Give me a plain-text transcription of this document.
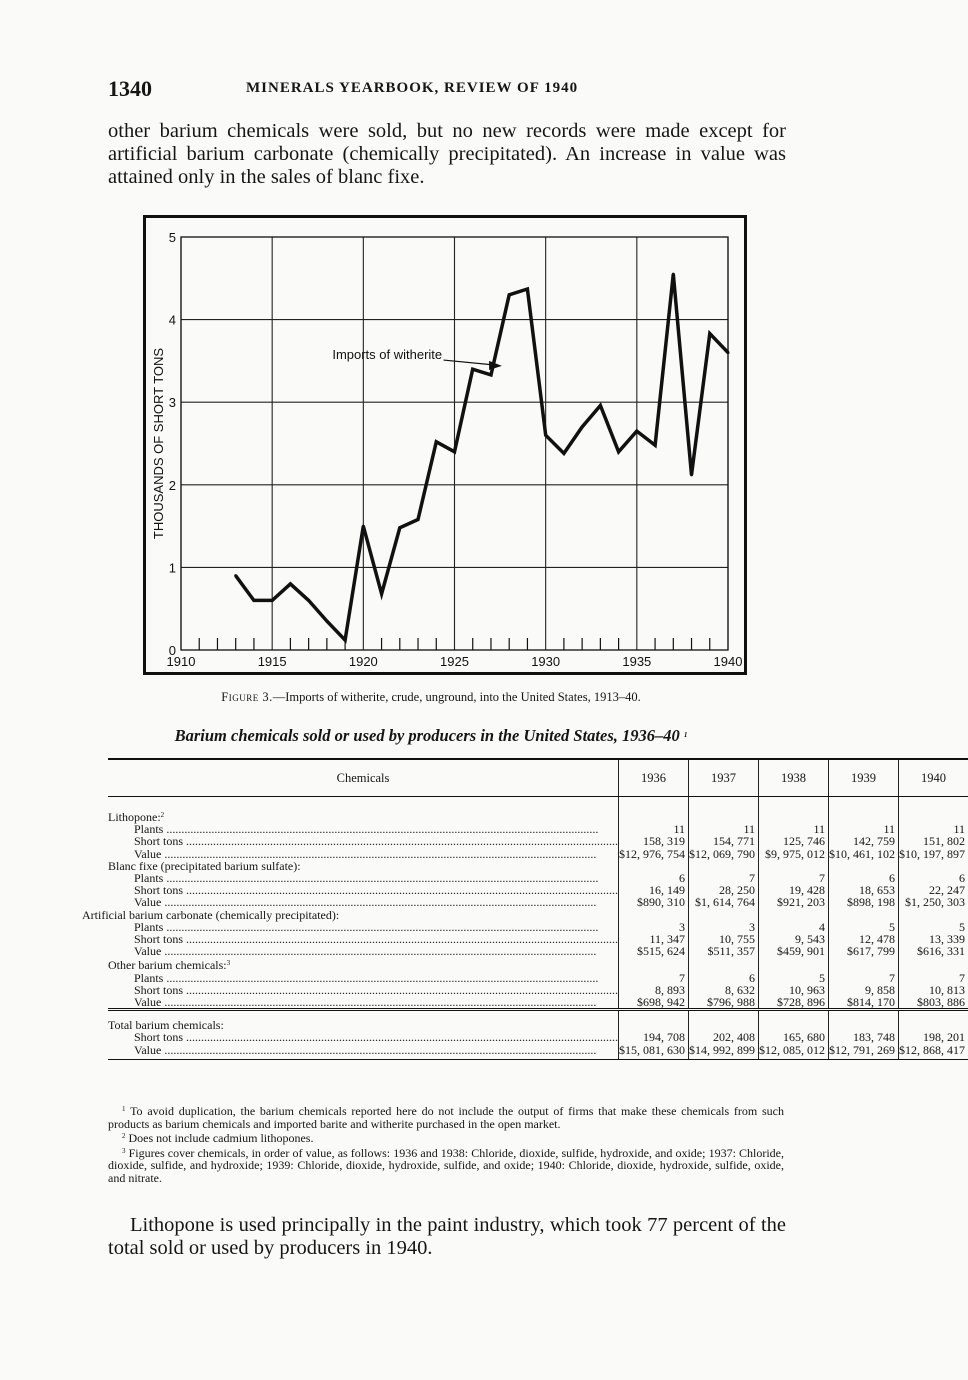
1340	MINERALS YEARBOOK, REVIEW OF 1940

other barium chemicals were sold, but no new records were made except for artificial barium carbonate (chemically precipitated). An increase in value was attained only in the sales of blanc fixe.

0
1
2
3
4
5
1910	1915	1920	1925	1930	1935	1940
THOUSANDS OF SHORT TONS	Imports of witherite
Figure 3.—Imports of witherite, crude, unground, into the United States, 1913–40.
Barium chemicals sold or used by producers in the United States, 1936–40 $^1$
Chemicals	1936	1937	1938	1939	1940

Lithopone:$^2$					
Plants .....	11	11	11	11	11
Short tons .....	158, 319	154, 771	125, 746	142, 759	151, 802
Value .....	$12, 976, 754	$12, 069, 790	$9, 975, 012	$10, 461, 102	$10, 197, 897
Blanc fixe (precipitated barium sulfate):					
Plants .....	6	7	7	6	6
Short tons .....	16, 149	28, 250	19, 428	18, 653	22, 247
Value .....	$890, 310	$1, 614, 764	$921, 203	$898, 198	$1, 250, 303
Artificial barium carbonate (chemically precipitated):					
Plants .....	3	3	4	5	5
Short tons .....	11, 347	10, 755	9, 543	12, 478	13, 339
Value .....	$515, 624	$511, 357	$459, 901	$617, 799	$616, 331
Other barium chemicals:$^3$					
Plants .....	7	6	5	7	7
Short tons .....	8, 893	8, 632	10, 963	9, 858	10, 813
Value .....	$698, 942	$796, 988	$728, 896	$814, 170	$803, 886
Total barium chemicals:					
Short tons .....	194, 708	202, 408	165, 680	183, 748	198, 201
Value .....	$15, 081, 630	$14, 992, 899	$12, 085, 012	$12, 791, 269	$12, 868, 417

$^1$ To avoid duplication, the barium chemicals reported here do not include the output of firms that make these chemicals from such products as barium chemicals and imported barite and witherite purchased in the open market.

$^2$ Does not include cadmium lithopones.

$^3$ Figures cover chemicals, in order of value, as follows: 1936 and 1938: Chloride, dioxide, sulfide, hydroxide, and oxide; 1937: Chloride, dioxide, sulfide, and hydroxide; 1939: Chloride, dioxide, hydroxide, sulfide, and oxide; 1940: Chloride, dioxide, hydroxide, sulfide, oxide, and nitrate.

Lithopone is used principally in the paint industry, which took 77 percent of the total sold or used by producers in 1940.
